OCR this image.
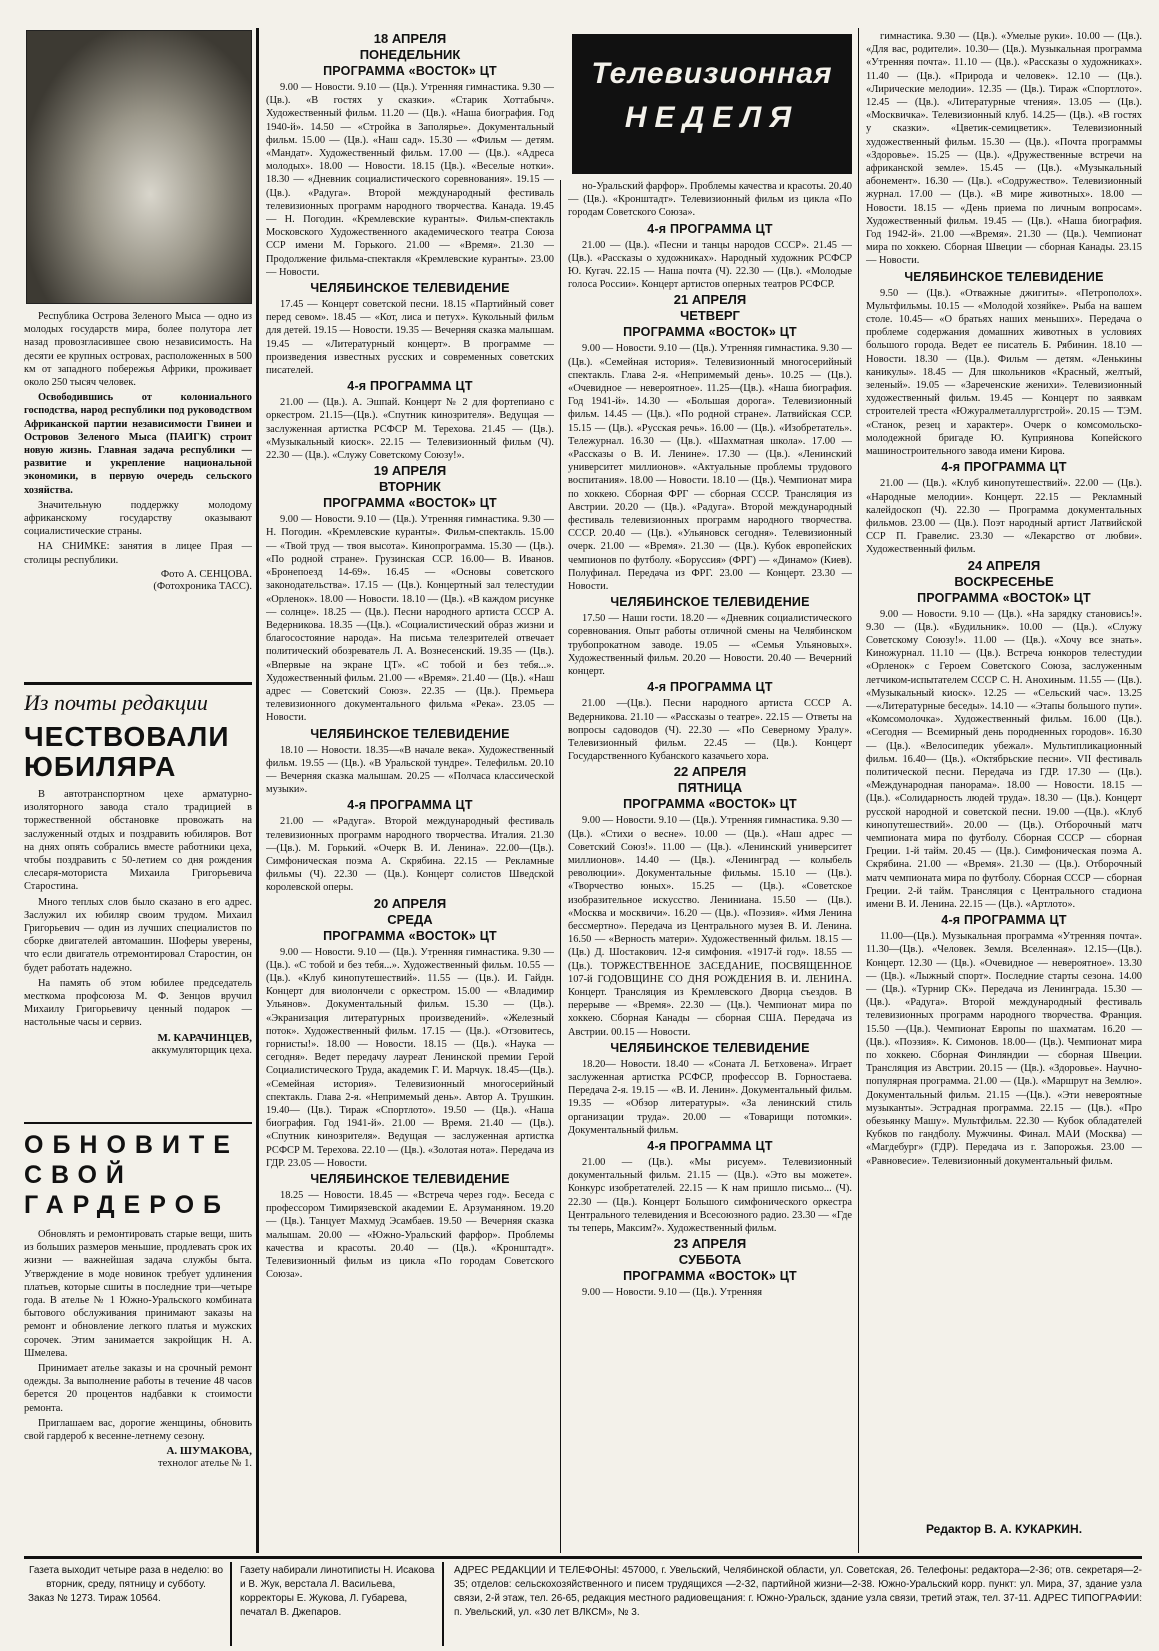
Республика Острова Зеленого Мыса — одно из молодых государств мира, более полутора лет назад провозгласившее свою независимость. На десяти ее крупных островах, расположенных в 500 км от западного побережья Африки, проживает около 250 тысяч человек.

Освободившись от колониального господства, народ республики под руководством Африканской партии независимости Гвинеи и Островов Зеленого Мыса (ПАИГК) строит новую жизнь. Главная задача республики — развитие и укрепление национальной экономики, в первую очередь сельского хозяйства.

Значительную поддержку молодому африканскому государству оказывают социалистические страны.

НА СНИМКЕ: занятия в лицее Прая — столицы республики.

Фото А. СЕНЦОВА.
(Фотохроника ТАСС).
Из почты редакции
ЧЕСТВОВАЛИ
ЮБИЛЯРА

В автотранспортном цехе арматурно-изоляторного завода стало традицией в торжественной обстановке провожать на заслуженный отдых и поздравить юбиляров. Вот на днях опять собрались вместе работники цеха, чтобы поздравить с 50-летием со дня рождения слесаря-моториста Михаила Григорьевича Старостина.

Много теплых слов было сказано в его адрес. Заслужил их юбиляр своим трудом. Михаил Григорьевич — один из лучших специалистов по сборке двигателей автомашин. Шоферы уверены, что если двигатель отремонтировал Старостин, он будет работать надежно.

На память об этом юбилее председатель месткома профсоюза М. Ф. Зенцов вручил Михаилу Григорьевичу ценный подарок — настольные часы и сервиз.

М. КАРАЧИНЦЕВ,
аккумуляторщик цеха.
ОБНОВИТЕ
СВОЙ
ГАРДЕРОБ

Обновлять и ремонтировать старые вещи, шить из больших размеров меньшие, продлевать срок их жизни — важнейшая задача службы быта. Утверждение в моде новинок требует удлинения платьев, которые сшиты в последние три—четыре года. В ателье № 1 Южно-Уральского комбината бытового обслуживания принимают заказы на ремонт и обновление легкого платья и мужских сорочек. Этим занимается закройщик Н. А. Шмелева.

Принимает ателье заказы и на срочный ремонт одежды. За выполнение работы в течение 48 часов берется 20 процентов надбавки к стоимости ремонта.

Приглашаем вас, дорогие женщины, обновить свой гардероб к весенне-летнему сезону.

А. ШУМАКОВА,
технолог ателье № 1.
Телевизионная
НЕДЕЛЯ
18 АПРЕЛЯ
ПОНЕДЕЛЬНИК
ПРОГРАММА «ВОСТОК» ЦТ

9.00 — Новости. 9.10 — (Цв.). Утренняя гимнастика. 9.30 — (Цв.). «В гостях у сказки». «Старик Хоттабыч». Художественный фильм. 11.20 — (Цв.). «Наша биография. Год 1940-й». 14.50 — «Стройка в Заполярье». Документальный фильм. 15.00 — (Цв.). «Наш сад». 15.30 — «Фильм — детям. «Мандат». Художественный фильм. 17.00 — (Цв.). «Адреса молодых». 18.00 — Новости. 18.15 (Цв.). «Веселые нотки». 18.30 — «Дневник социалистического соревнования». 19.15 —(Цв.). «Радуга». Второй международный фестиваль телевизионных программ народного творчества. Канада. 19.45 — Н. Погодин. «Кремлевские куранты». Фильм-спектакль Московского Художественного академического театра Союза ССР имени М. Горького. 21.00 — «Время». 21.30 — Продолжение фильма-спектакля «Кремлевские куранты». 23.00 — Новости.

ЧЕЛЯБИНСКОЕ ТЕЛЕВИДЕНИЕ

17.45 — Концерт советской песни. 18.15 «Партийный совет перед севом». 18.45 — «Кот, лиса и петух». Кукольный фильм для детей. 19.15 — Новости. 19.35 — Вечерняя сказка малышам. 19.45 — «Литературный концерт». В программе — произведения известных русских и современных советских писателей.

4-я ПРОГРАММА ЦТ

21.00 — (Цв.). А. Эшпай. Концерт № 2 для фортепиано с оркестром. 21.15—(Цв.). «Спутник кинозрителя». Ведущая — заслуженная артистка РСФСР М. Терехова. 21.45 — (Цв.). «Музыкальный киоск». 22.15 — Телевизионный фильм (Ч). 22.30 — (Цв.). «Служу Советскому Союзу!».

19 АПРЕЛЯ
ВТОРНИК
ПРОГРАММА «ВОСТОК» ЦТ

9.00 — Новости. 9.10 — (Цв.). Утренняя гимнастика. 9.30 — Н. Погодин. «Кремлевские куранты». Фильм-спектакль. 15.00 — «Твой труд — твоя высота». Кинопрограмма. 15.30 — (Цв.). «По родной стране». Грузинская ССР. 16.00— В. Иванов. «Бронепоезд 14-69». 16.45 — «Основы советского законодательства». 17.15 — (Цв.). Концертный зал телестудии «Орленок». 18.00 — Новости. 18.10 — (Цв.). «В каждом рисунке — солнце». 18.25 — (Цв.). Песни народного артиста СССР А. Ведерникова. 18.35 —(Цв.). «Социалистический образ жизни и благосостояние народа». На письма телезрителей отвечает политический обозреватель Л. А. Вознесенский. 19.35 — (Цв.). «Впервые на экране ЦТ». «С тобой и без тебя...». Художественный фильм. 21.00 — «Время». 21.40 — (Цв.). «Наш адрес — Советский Союз». 22.35 — (Цв.). Премьера телевизионного документального фильма «Река». 23.05 — Новости.

ЧЕЛЯБИНСКОЕ ТЕЛЕВИДЕНИЕ

18.10 — Новости. 18.35—«В начале века». Художественный фильм. 19.55 — (Цв.). «В Уральской тундре». Телефильм. 20.10 — Вечерняя сказка малышам. 20.25 — «Полчаса классической музыки».

4-я ПРОГРАММА ЦТ

21.00 — «Радуга». Второй международный фестиваль телевизионных программ народного творчества. Италия. 21.30—(Цв.). М. Горький. «Очерк В. И. Ленина». 22.00—(Цв.). Симфоническая поэма А. Скрябина. 22.15 — Рекламные фильмы (Ч). 22.30 — (Цв.). Концерт солистов Шведской королевской оперы.

20 АПРЕЛЯ
СРЕДА
ПРОГРАММА «ВОСТОК» ЦТ

9.00 — Новости. 9.10 — (Цв.). Утренняя гимнастика. 9.30 — (Цв.). «С тобой и без тебя...». Художественный фильм. 10.55 — (Цв.). «Клуб кинопутешествий». 11.55 — (Цв.). И. Гайдн. Концерт для виолончели с оркестром. 15.00 — «Владимир Ульянов». Документальный фильм. 15.30 — (Цв.). «Экранизация литературных произведений». «Железный поток». Художественный фильм. 17.15 — (Цв.). «Отзовитесь, горнисты!». 18.00 — Новости. 18.15 — (Цв.). «Наука — сегодня». Ведет передачу лауреат Ленинской премии Герой Социалистического Труда, академик Г. И. Марчук. 18.45—(Цв.). «Семейная история». Телевизионный многосерийный спектакль. Глава 2-я. «Непримемый день». Автор А. Трушкин. 19.40— (Цв.). Тираж «Спортлото». 19.50 — (Цв.). «Наша биография. Год 1941-й». 21.00 — Время. 21.40 — (Цв.). «Спутник кинозрителя». Ведущая — заслуженная артистка РСФСР М. Терехова. 22.10 — (Цв.). «Золотая нота». Передача из ГДР. 23.05 — Новости.

ЧЕЛЯБИНСКОЕ ТЕЛЕВИДЕНИЕ

18.25 — Новости. 18.45 — «Встреча через год». Беседа с профессором Тимирязевской академии Е. Арзуманяном. 19.20 — (Цв.). Танцует Махмуд Эсамбаев. 19.50 — Вечерняя сказка малышам. 20.00 — «Южно-Уральский фарфор». Проблемы качества и красоты. 20.40 — (Цв.). «Кронштадт». Телевизионный фильм из цикла «По городам Советского Союза».

но-Уральский фарфор». Проблемы качества и красоты. 20.40 — (Цв.). «Кронштадт». Телевизионный фильм из цикла «По городам Советского Союза».

4-я ПРОГРАММА ЦТ

21.00 — (Цв.). «Песни и танцы народов СССР». 21.45 — (Цв.). «Рассказы о художниках». Народный художник РСФСР Ю. Кугач. 22.15 — Наша почта (Ч). 22.30 — (Цв.). «Молодые голоса России». Концерт артистов оперных театров РСФСР.

21 АПРЕЛЯ
ЧЕТВЕРГ
ПРОГРАММА «ВОСТОК» ЦТ

9.00 — Новости. 9.10 — (Цв.). Утренняя гимнастика. 9.30 — (Цв.). «Семейная история». Телевизионный многосерийный спектакль. Глава 2-я. «Непримемый день». 10.25 — (Цв.). «Очевидное — невероятное». 11.25—(Цв.). «Наша биография. Год 1941-й». 14.30 — «Большая дорога». Телевизионный фильм. 14.45 — (Цв.). «По родной стране». Латвийская ССР. 15.15 — (Цв.). «Русская речь». 16.00 — (Цв.). «Изобретатель». Тележурнал. 16.30 — (Цв.). «Шахматная школа». 17.00 — «Рассказы о В. И. Ленине». 17.30 — (Цв.). «Ленинский университет миллионов». «Актуальные проблемы трудового воспитания». 18.00 — Новости. 18.10 — (Цв.). Чемпионат мира по хоккею. Сборная ФРГ — сборная СССР. Трансляция из Австрии. 20.20 — (Цв.). «Радуга». Второй международный фестиваль телевизионных программ народного творчества. СССР. 20.40 — (Цв.). «Ульяновск сегодня». Телевизионный очерк. 21.00 — «Время». 21.30 — (Цв.). Кубок европейских чемпионов по футболу. «Боруссия» (ФРГ) — «Динамо» (Киев). Полуфинал. Передача из ФРГ. 23.00 — Концерт. 23.30 — Новости.

ЧЕЛЯБИНСКОЕ ТЕЛЕВИДЕНИЕ

17.50 — Наши гости. 18.20 — «Дневник социалистического соревнования. Опыт работы отличной смены на Челябинском трубопрокатном заводе. 19.05 — «Семья Ульяновых». Художественный фильм. 20.20 — Новости. 20.40 — Вечерний концерт.

4-я ПРОГРАММА ЦТ

21.00 —(Цв.). Песни народного артиста СССР А. Ведерникова. 21.10 — «Рассказы о театре». 22.15 — Ответы на вопросы садоводов (Ч). 22.30 — «По Северному Уралу». Телевизионный фильм. 22.45 — (Цв.). Концерт Государственного Кубанского казачьего хора.

22 АПРЕЛЯ
ПЯТНИЦА
ПРОГРАММА «ВОСТОК» ЦТ

9.00 — Новости. 9.10 — (Цв.). Утренняя гимнастика. 9.30 — (Цв.). «Стихи о весне». 10.00 — (Цв.). «Наш адрес — Советский Союз!». 11.00 — (Цв.). «Ленинский университет миллионов». 14.40 — (Цв.). «Ленинград — колыбель революции». Документальные фильмы. 15.10 — (Цв.). «Творчество юных». 15.25 — (Цв.). «Советское изобразительное искусство. Лениниана. 15.50 — (Цв.). «Москва и москвичи». 16.20 — (Цв.). «Поэзия». «Имя Ленина бессмертно». Передача из Центрального музея В. И. Ленина. 16.50 — «Верность матери». Художественный фильм. 18.15 — (Цв.) Д. Шостакович. 12-я симфония. «1917-й год». 18.55 — (Цв.). ТОРЖЕСТВЕННОЕ ЗАСЕДАНИЕ, ПОСВЯЩЕННОЕ 107-й ГОДОВЩИНЕ СО ДНЯ РОЖДЕНИЯ В. И. ЛЕНИНА. Концерт. Трансляция из Кремлевского Дворца съездов. В перерыве — «Время». 22.30 — (Цв.). Чемпионат мира по хоккею. Сборная Канады — сборная США. Передача из Австрии. 00.15 — Новости.

ЧЕЛЯБИНСКОЕ ТЕЛЕВИДЕНИЕ

18.20— Новости. 18.40 — «Соната Л. Бетховена». Играет заслуженная артистка РСФСР, профессор В. Горностаева. Передача 2-я. 19.15 — «В. И. Ленин». Документальный фильм. 19.35 — «Обзор литературы». «За ленинский стиль организации труда». 20.00 — «Товарищи потомки». Документальный фильм.

4-я ПРОГРАММА ЦТ

21.00 — (Цв.). «Мы рисуем». Телевизионный документальный фильм. 21.15 — (Цв.). «Это вы можете». Конкурс изобретателей. 22.15 — К нам пришло письмо... (Ч). 22.30 — (Цв.). Концерт Большого симфонического оркестра Центрального телевидения и Всесоюзного радио. 23.30 — «Где ты теперь, Максим?». Художественный фильм.

23 АПРЕЛЯ
СУББОТА
ПРОГРАММА «ВОСТОК» ЦТ

9.00 — Новости. 9.10 — (Цв.). Утренняя

гимнастика. 9.30 — (Цв.). «Умелые руки». 10.00 — (Цв.). «Для вас, родители». 10.30— (Цв.). Музыкальная программа «Утренняя почта». 11.10 — (Цв.). «Рассказы о художниках». 11.40 — (Цв.). «Природа и человек». 12.10 — (Цв.). «Лирические мелодии». 12.35 — (Цв.). Тираж «Спортлото». 12.45 — (Цв.). «Литературные чтения». 13.05 — (Цв.). «Москвичка». Телевизионный клуб. 14.25— (Цв.). «В гостях у сказки». «Цветик-семицветик». Телевизионный художественный фильм. 15.30 — (Цв.). «Почта программы «Здоровье». 15.25 — (Цв.). «Дружественные встречи на африканской земле». 15.45 — (Цв.). «Музыкальный абонемент». 16.30 — (Цв.). «Содружество». Телевизионный журнал. 17.00 — (Цв.). «В мире животных». 18.00 — Новости. 18.15 — «День приема по личным вопросам». Художественный фильм. 19.45 — (Цв.). «Наша биография. Год 1942-й». 21.00 —«Время». 21.30 — (Цв.). Чемпионат мира по хоккею. Сборная Швеции — сборная Канады. 23.15 — Новости.

ЧЕЛЯБИНСКОЕ ТЕЛЕВИДЕНИЕ

9.50 — (Цв.). «Отважные джигиты». «Петрополох». Мультфильмы. 10.15 — «Молодой хозяйке». Рыба на вашем столе. 10.45— «О братьях наших меньших». Передача о проблеме содержания домашних животных в условиях большого города. Ведет ее писатель Б. Рябинин. 18.10 — Новости. 18.30 — (Цв.). Фильм — детям. «Ленькины каникулы». 18.45 — Для школьников «Красный, желтый, зеленый». 19.05 — «Зареченские женихи». Телевизионный художественный фильм. 19.45 — Концерт по заявкам строителей треста «Южуралметаллургстрой». 20.15 — ТЭМ. «Станок, резец и характер». Очерк о комсомольско-молодежной бригаде Ю. Куприянова Копейского машиностроительного завода имени Кирова.

4-я ПРОГРАММА ЦТ

21.00 — (Цв.). «Клуб кинопутешествий». 22.00 — (Цв.). «Народные мелодии». Концерт. 22.15 — Рекламный калейдоскоп (Ч). 22.30 — Программа документальных фильмов. 23.00 — (Цв.). Поэт народный артист Латвийской ССР П. Гравелис. 23.30 — «Лекарство от любви». Художественный фильм.

24 АПРЕЛЯ
ВОСКРЕСЕНЬЕ
ПРОГРАММА «ВОСТОК» ЦТ

9.00 — Новости. 9.10 — (Цв.). «На зарядку становись!». 9.30 — (Цв.). «Будильник». 10.00 — (Цв.). «Служу Советскому Союзу!». 11.00 — (Цв.). «Хочу все знать». Киножурнал. 11.10 — (Цв.). Встреча юнкоров телестудии «Орленок» с Героем Советского Союза, заслуженным летчиком-испытателем СССР С. Н. Анохиным. 11.55 — (Цв.). «Музыкальный киоск». 12.25 — «Сельский час». 13.25 —«Литературные беседы». 14.10 — «Этапы большого пути». «Комсомолочка». Художественный фильм. 16.00 (Цв.). «Сегодня — Всемирный день породненных городов». 16.30 — (Цв.). «Велосипедик убежал». Мультипликационный фильм. 16.40— (Цв.). «Октябрьские песни». VII фестиваль политической песни. Передача из ГДР. 17.30 — (Цв.). «Международная панорама». 18.00 — Новости. 18.15 — (Цв.). «Солидарность людей труда». 18.30 — (Цв.). Концерт русской народной и советской песни. 19.00 —(Цв.). «Клуб кинопутешествий». 20.00 — (Цв.). Отборочный матч чемпионата мира по футболу. Сборная СССР — сборная Греции. 1-й тайм. 20.45 — (Цв.). Симфоническая поэма А. Скрябина. 21.00 — «Время». 21.30 — (Цв.). Отборочный матч чемпионата мира по футболу. Сборная СССР — сборная Греции. 2-й тайм. Трансляция с Центрального стадиона имени В. И. Ленина. 22.15 — (Цв.). «Артлото».

4-я ПРОГРАММА ЦТ

11.00—(Цв.). Музыкальная программа «Утренняя почта». 11.30—(Цв.). «Человек. Земля. Вселенная». 12.15—(Цв.). Концерт. 12.30 — (Цв.). «Очевидное — невероятное». 13.30 — (Цв.). «Лыжный спорт». Последние старты сезона. 14.00 — (Цв.). «Турнир СК». Передача из Ленинграда. 15.30 — (Цв.). «Радуга». Второй международный фестиваль телевизионных программ народного творчества. Франция. 15.50 —(Цв.). Чемпионат Европы по шахматам. 16.20 — (Цв.). «Поэзия». К. Симонов. 18.00— (Цв.). Чемпионат мира по хоккею. Сборная Финляндии — сборная Швеции. Трансляция из Австрии. 20.15 — (Цв.). «Здоровье». Научно-популярная программа. 21.00 — (Цв.). «Маршрут на Землю». Документальный фильм. 21.15 —(Цв.). «Эти невероятные музыканты». Эстрадная программа. 22.15 — (Цв.). «Про обезьянку Машу». Мультфильм. 22.30 — Кубок обладателей Кубков по гандболу. Мужчины. Финал. МАИ (Москва) — «Магдебург» (ГДР). Передача из г. Запорожья. 23.00 — «Равновесие». Телевизионный документальный фильм.

Редактор В. А. КУКАРКИН.
Газета выходит четыре раза в неделю: во вторник, среду, пятницу и субботу.
Заказ № 1273. Тираж 10564.
Газету набирали линотиписты Н. Исакова и В. Жук, верстала Л. Васильева, корректоры Е. Жукова, Л. Губарева, печатал В. Джепаров.
АДРЕС РЕДАКЦИИ И ТЕЛЕФОНЫ: 457000, г. Увельский, Челябинской области, ул. Советская, 26. Телефоны: редактора—2-36; отв. секретаря—2-35; отделов: сельскохозяйственного и писем трудящихся —2-32, партийной жизни—2-38. Южно-Уральский корр. пункт: ул. Мира, 37, здание узла связи, 2-й этаж, тел. 26-65, редакция местного радиовещания: г. Южно-Уральск, здание узла связи, третий этаж, тел. 37-11. АДРЕС ТИПОГРАФИИ: п. Увельский, ул. «30 лет ВЛКСМ», № 3.
